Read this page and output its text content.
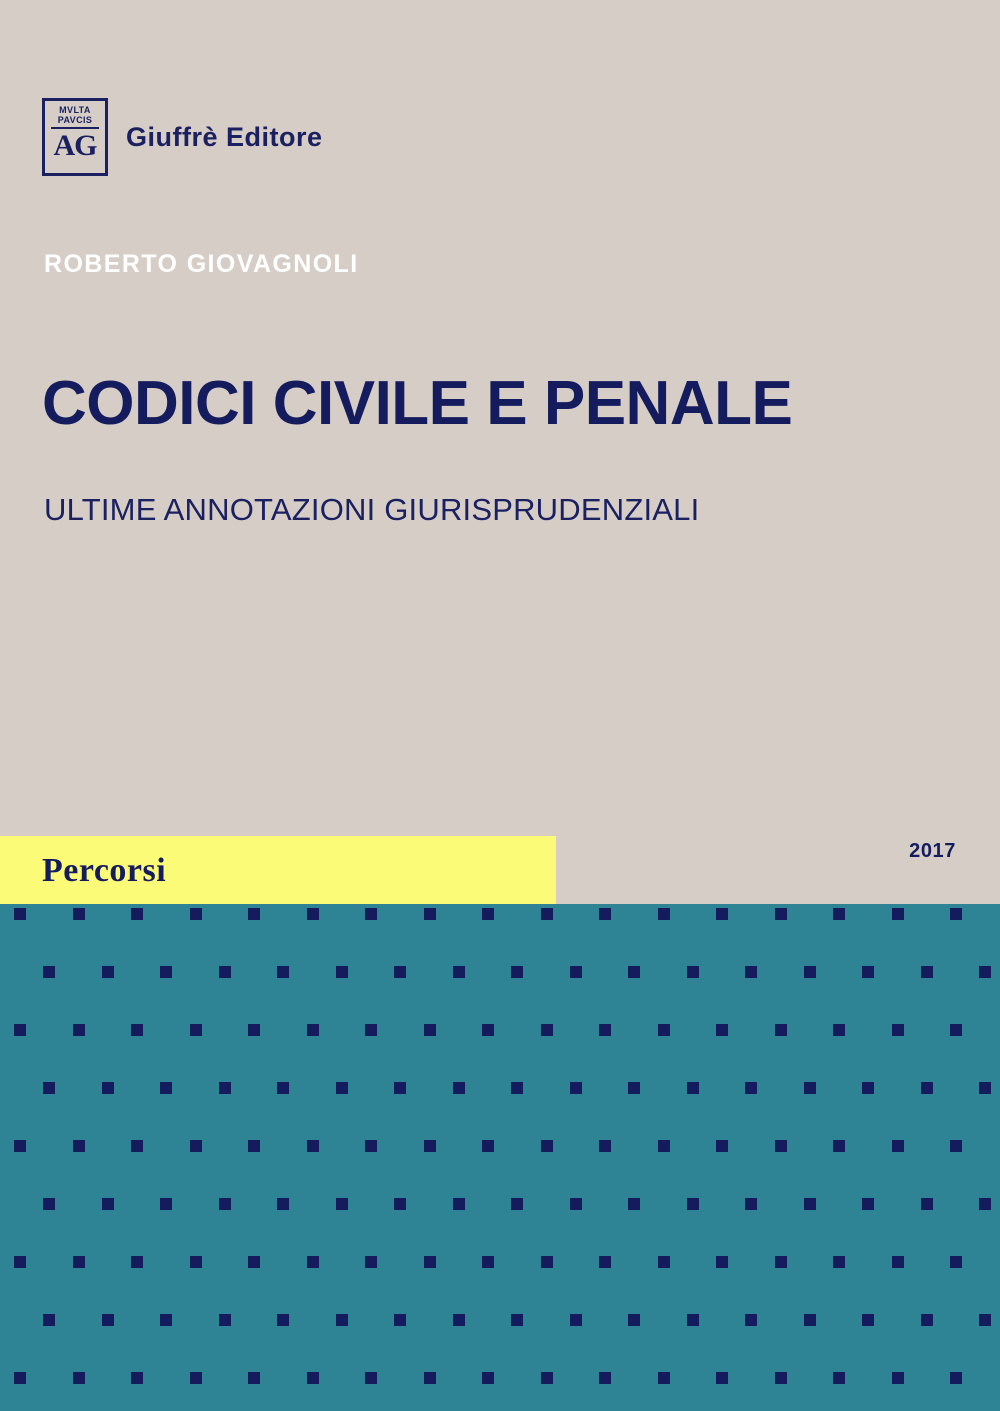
MVLTA
PAVCIS
AG Giuffrè Editore
ROBERTO GIOVAGNOLI
CODICI CIVILE E PENALE
ULTIME ANNOTAZIONI GIURISPRUDENZIALI
2017
Percorsi
